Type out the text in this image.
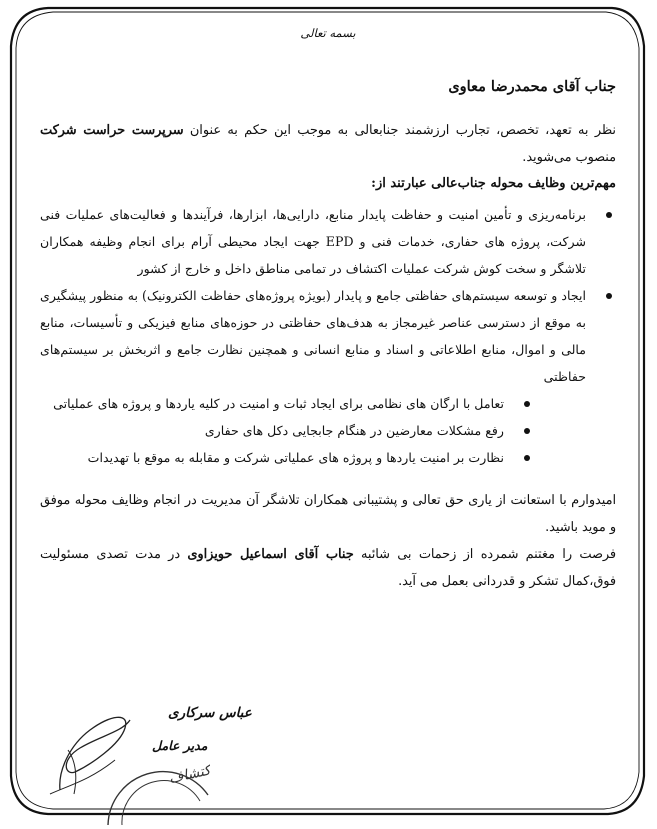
بسمه تعالی

جناب آقای محمدرضا معاوی

نظر به تعهد، تخصص، تجارب ارزشمند جنابعالی به موجب این حکم به عنوان سرپرست حراست شرکت منصوب می‌شوید.

مهم‌ترین وظایف محوله جناب‌عالی عبارتند از:

برنامه‌ریزی و تأمین امنیت و حفاظت پایدار منابع، دارایی‌ها، ابزارها، فرآیندها و فعالیت‌های عملیات فنی شرکت، پروژه های حفاری، خدمات فنی و EPD جهت ایجاد محیطی آرام برای انجام وظیفه همکاران تلاشگر و سخت کوش شرکت عملیات اکتشاف در تمامی مناطق داخل و خارج از کشور
ایجاد و توسعه سیستم‌های حفاظتی جامع و پایدار (بویژه پروژه‌های حفاظت الکترونیک) به منظور پیشگیری به موقع از دسترسی عناصر غیرمجاز به هدف‌های حفاظتی در حوزه‌های منابع فیزیکی و تأسیسات، منابع مالی و اموال، منابع اطلاعاتی و اسناد و منابع انسانی و همچنین نظارت جامع و اثربخش بر سیستم‌های حفاظتی
تعامل با ارگان های نظامی برای ایجاد ثبات و امنیت در کلیه یاردها و پروژه های عملیاتی
رفع مشکلات معارضین در هنگام جابجایی دکل های حفاری
نظارت بر امنیت یاردها و پروژه های عملیاتی شرکت و مقابله به موقع با تهدیدات

امیدوارم با استعانت از یاری حق تعالی و پشتیبانی همکاران تلاشگر آن مدیریت در انجام وظایف محوله موفق و موید باشید.

فرصت را مغتنم شمرده از زحمات بی شائبه جناب آقای اسماعیل حویزاوی در مدت تصدی مسئولیت فوق،کمال تشکر و قدردانی بعمل می آید.

اکتشاف
عباس سرکاری
مدیر عامل
